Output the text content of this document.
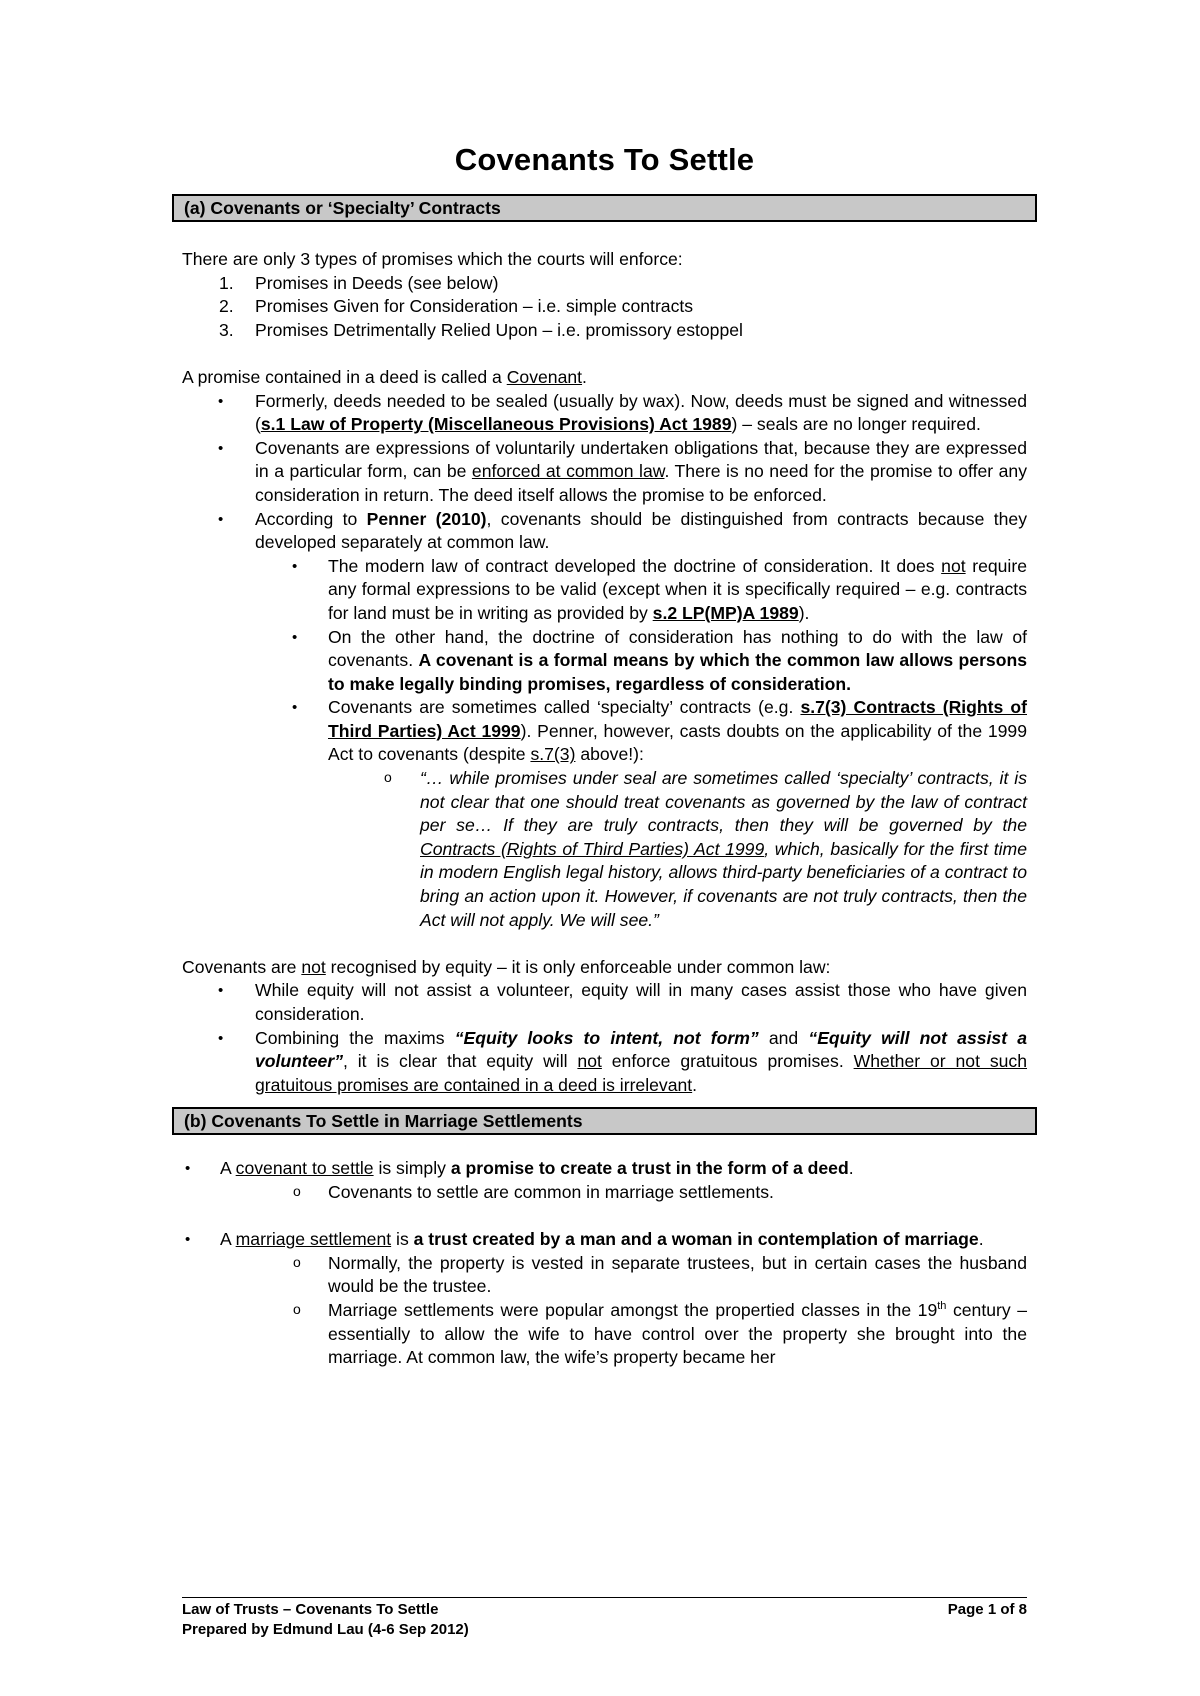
Covenants To Settle
(a) Covenants or ‘Specialty’ Contracts

There are only 3 types of promises which the courts will enforce:

1. Promises in Deeds (see below)
2. Promises Given for Consideration – i.e. simple contracts
3. Promises Detrimentally Relied Upon – i.e. promissory estoppel

A promise contained in a deed is called a Covenant.

• Formerly, deeds needed to be sealed (usually by wax). Now, deeds must be signed and witnessed (s.1 Law of Property (Miscellaneous Provisions) Act 1989) – seals are no longer required.
• Covenants are expressions of voluntarily undertaken obligations that, because they are expressed in a particular form, can be enforced at common law. There is no need for the promise to offer any consideration in return. The deed itself allows the promise to be enforced.
• According to Penner (2010), covenants should be distinguished from contracts because they developed separately at common law.
• The modern law of contract developed the doctrine of consideration. It does not require any formal expressions to be valid (except when it is specifically required – e.g. contracts for land must be in writing as provided by s.2 LP(MP)A 1989).
• On the other hand, the doctrine of consideration has nothing to do with the law of covenants. A covenant is a formal means by which the common law allows persons to make legally binding promises, regardless of consideration.
• Covenants are sometimes called ‘specialty’ contracts (e.g. s.7(3) Contracts (Rights of Third Parties) Act 1999). Penner, however, casts doubts on the applicability of the 1999 Act to covenants (despite s.7(3) above!):
o “… while promises under seal are sometimes called ‘specialty’ contracts, it is not clear that one should treat covenants as governed by the law of contract per se… If they are truly contracts, then they will be governed by the Contracts (Rights of Third Parties) Act 1999, which, basically for the first time in modern English legal history, allows third-party beneficiaries of a contract to bring an action upon it. However, if covenants are not truly contracts, then the Act will not apply. We will see.”

Covenants are not recognised by equity – it is only enforceable under common law:

• While equity will not assist a volunteer, equity will in many cases assist those who have given consideration.
• Combining the maxims “Equity looks to intent, not form” and “Equity will not assist a volunteer”, it is clear that equity will not enforce gratuitous promises. Whether or not such gratuitous promises are contained in a deed is irrelevant.
(b) Covenants To Settle in Marriage Settlements
• A covenant to settle is simply a promise to create a trust in the form of a deed.
o Covenants to settle are common in marriage settlements.
• A marriage settlement is a trust created by a man and a woman in contemplation of marriage.
o Normally, the property is vested in separate trustees, but in certain cases the husband would be the trustee.
o Marriage settlements were popular amongst the propertied classes in the 19th century – essentially to allow the wife to have control over the property she brought into the marriage. At common law, the wife’s property became her
Law of Trusts – Covenants To Settle	Page 1 of 8
Prepared by Edmund Lau (4-6 Sep 2012)
